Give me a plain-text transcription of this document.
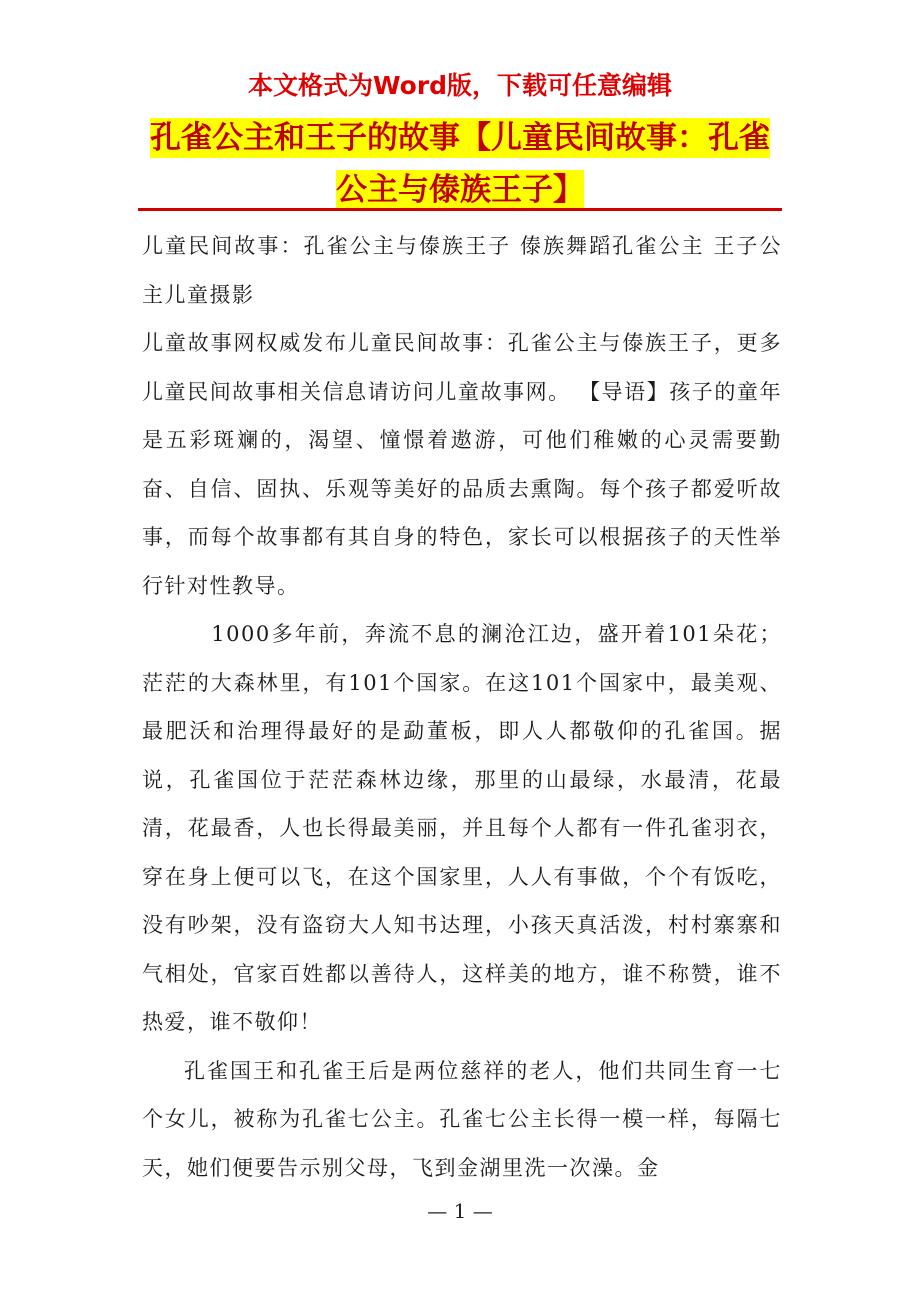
本文格式为Word版，下载可任意编辑

孔雀公主和王子的故事【儿童民间故事：孔雀公主与傣族王子】

儿童民间故事：孔雀公主与傣族王子 傣族舞蹈孔雀公主 王子公主儿童摄影

儿童故事网权威发布儿童民间故事：孔雀公主与傣族王子，更多儿童民间故事相关信息请访问儿童故事网。 【导语】孩子的童年是五彩斑斓的，渴望、憧憬着遨游，可他们稚嫩的心灵需要勤奋、自信、固执、乐观等美好的品质去熏陶。每个孩子都爱听故事，而每个故事都有其自身的特色，家长可以根据孩子的天性举行针对性教导。

1000多年前，奔流不息的澜沧江边，盛开着101朵花；茫茫的大森林里，有101个国家。在这101个国家中，最美观、最肥沃和治理得最好的是勐董板，即人人都敬仰的孔雀国。据说，孔雀国位于茫茫森林边缘，那里的山最绿，水最清，花最清，花最香，人也长得最美丽，并且每个人都有一件孔雀羽衣，穿在身上便可以飞，在这个国家里，人人有事做，个个有饭吃，没有吵架，没有盗窃大人知书达理，小孩天真活泼，村村寨寨和气相处，官家百姓都以善待人，这样美的地方，谁不称赞，谁不热爱，谁不敬仰！

孔雀国王和孔雀王后是两位慈祥的老人，他们共同生育一七个女儿，被称为孔雀七公主。孔雀七公主长得一模一样，每隔七天，她们便要告示别父母，飞到金湖里洗一次澡。金

— 1 —
